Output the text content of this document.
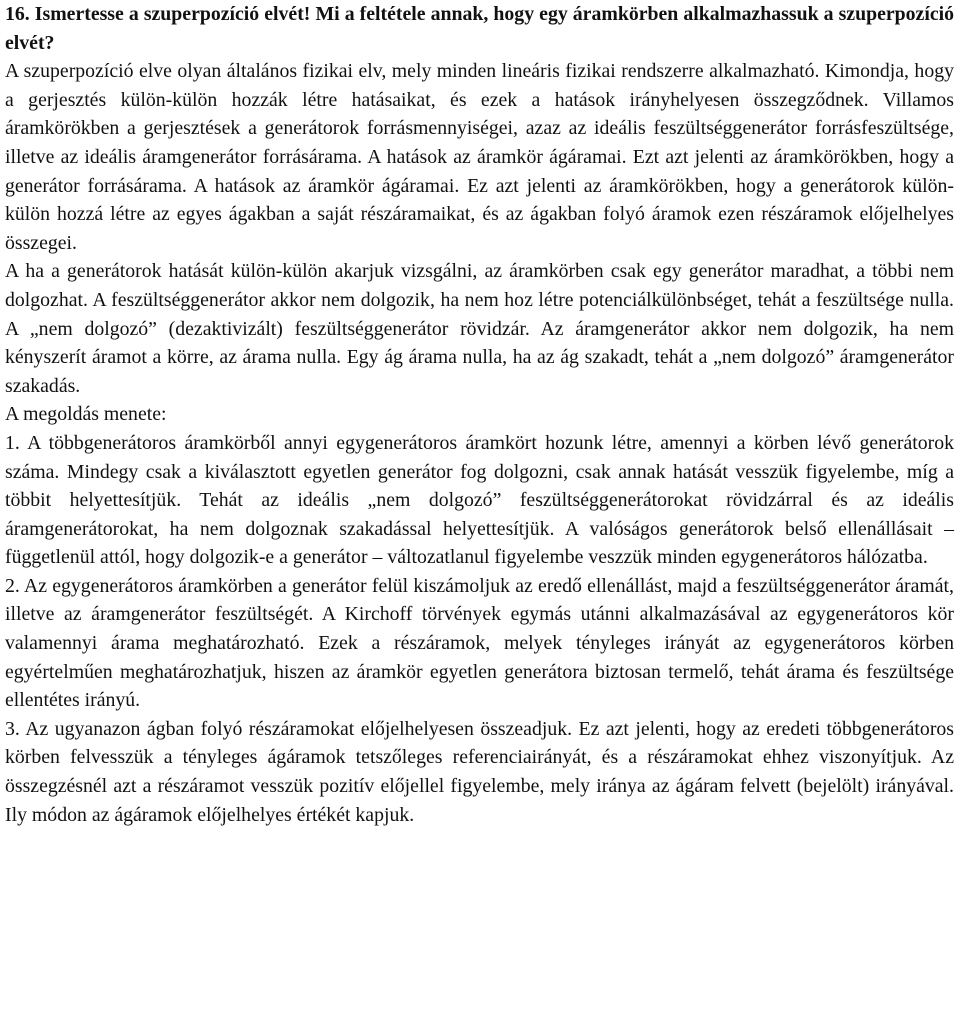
16. Ismertesse a szuperpozíció elvét! Mi a feltétele annak, hogy egy áramkörben alkalmazhassuk a szuperpozíció elvét?

A szuperpozíció elve olyan általános fizikai elv, mely minden lineáris fizikai rendszerre alkalmazható. Kimondja, hogy a gerjesztés külön-külön hozzák létre hatásaikat, és ezek a hatások irányhelyesen összegződnek. Villamos áramkörökben a gerjesztések a generátorok forrásmennyiségei, azaz az ideális feszültséggenerátor forrásfeszültsége, illetve az ideális áramgenerátor forrásárama. A hatások az áramkör ágáramai. Ezt azt jelenti az áramkörökben, hogy a generátor forrásárama. A hatások az áramkör ágáramai. Ez azt jelenti az áramkörökben, hogy a generátorok külön-külön hozzá létre az egyes ágakban a saját részáramaikat, és az ágakban folyó áramok ezen részáramok előjelhelyes összegei.

A ha a generátorok hatását külön-külön akarjuk vizsgálni, az áramkörben csak egy generátor maradhat, a többi nem dolgozhat. A feszültséggenerátor akkor nem dolgozik, ha nem hoz létre potenciálkülönbséget, tehát a feszültsége nulla. A „nem dolgozó” (dezaktivizált) feszültséggenerátor rövidzár. Az áramgenerátor akkor nem dolgozik, ha nem kényszerít áramot a körre, az árama nulla. Egy ág árama nulla, ha az ág szakadt, tehát a „nem dolgozó” áramgenerátor szakadás.

A megoldás menete:

1. A többgenerátoros áramkörből annyi egygenerátoros áramkört hozunk létre, amennyi a körben lévő generátorok száma. Mindegy csak a kiválasztott egyetlen generátor fog dolgozni, csak annak hatását vesszük figyelembe, míg a többit helyettesítjük. Tehát az ideális „nem dolgozó” feszültséggenerátorokat rövidzárral és az ideális áramgenerátorokat, ha nem dolgoznak szakadással helyettesítjük. A valóságos generátorok belső ellenállásait – függetlenül attól, hogy dolgozik-e a generátor – változatlanul figyelembe veszzük minden egygenerátoros hálózatba.

2. Az egygenerátoros áramkörben a generátor felül kiszámoljuk az eredő ellenállást, majd a feszültséggenerátor áramát, illetve az áramgenerátor feszültségét. A Kirchoff törvények egymás utánni alkalmazásával az egygenerátoros kör valamennyi árama meghatározható. Ezek a részáramok, melyek tényleges irányát az egygenerátoros körben egyértelműen meghatározhatjuk, hiszen az áramkör egyetlen generátora biztosan termelő, tehát árama és feszültsége ellentétes irányú.

3. Az ugyanazon ágban folyó részáramokat előjelhelyesen összeadjuk. Ez azt jelenti, hogy az eredeti többgenerátoros körben felvesszük a tényleges ágáramok tetszőleges referenciairányát, és a részáramokat ehhez viszonyítjuk. Az összegzésnél azt a részáramot vesszük pozitív előjellel figyelembe, mely iránya az ágáram felvett (bejelölt) irányával. Ily módon az ágáramok előjelhelyes értékét kapjuk.
